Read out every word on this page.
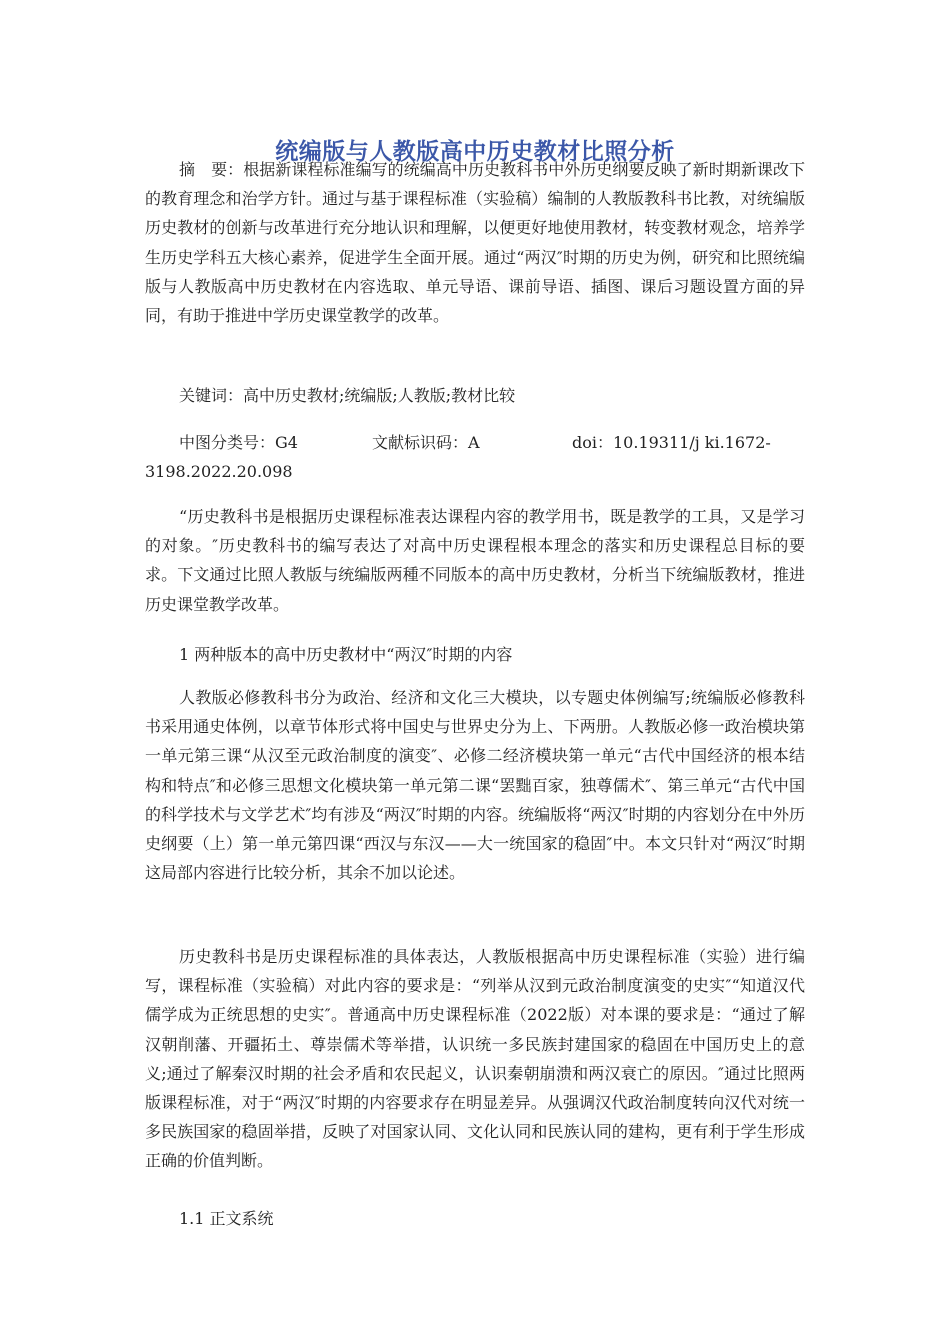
统编版与人教版高中历史教材比照分析

摘　要：根据新课程标准编写的统编高中历史教科书中外历史纲要反映了新时期新课改下的教育理念和治学方针。通过与基于课程标准（实验稿）编制的人教版教科书比教，对统编版历史教材的创新与改革进行充分地认识和理解，以便更好地使用教材，转变教材观念，培养学生历史学科五大核心素养，促进学生全面开展。通过“两汉″时期的历史为例，研究和比照统编版与人教版高中历史教材在内容选取、单元导语、课前导语、插图、课后习题设置方面的异同，有助于推进中学历史课堂教学的改革。

关键词：高中历史教材;统编版;人教版;教材比较

中图分类号：G4	文献标识码：A	doi：10.19311/j ki.1672-
3198.2022.20.098

“历史教科书是根据历史课程标准表达课程内容的教学用书，既是教学的工具，又是学习的对象。″历史教科书的编写表达了对高中历史课程根本理念的落实和历史课程总目标的要求。下文通过比照人教版与统编版两種不同版本的高中历史教材，分析当下统编版教材，推进历史课堂教学改革。

1 两种版本的高中历史教材中“两汉″时期的内容

人教版必修教科书分为政治、经济和文化三大模块，以专题史体例编写;统编版必修教科书采用通史体例，以章节体形式将中国史与世界史分为上、下两册。人教版必修一政治模块第一单元第三课“从汉至元政治制度的演变″、必修二经济模块第一单元“古代中国经济的根本结构和特点″和必修三思想文化模块第一单元第二课“罢黜百家，独尊儒术″、第三单元“古代中国的科学技术与文学艺术″均有涉及“两汉″时期的内容。统编版将“两汉″时期的内容划分在中外历史纲要（上）第一单元第四课“西汉与东汉——大一统国家的稳固″中。本文只针对“两汉″时期这局部内容进行比较分析，其余不加以论述。

历史教科书是历史课程标准的具体表达，人教版根据高中历史课程标准（实验）进行编写，课程标准（实验稿）对此内容的要求是：“列举从汉到元政治制度演变的史实″“知道汉代儒学成为正统思想的史实″。普通高中历史课程标准（2022版）对本课的要求是：“通过了解汉朝削藩、开疆拓土、尊崇儒术等举措，认识统一多民族封建国家的稳固在中国历史上的意义;通过了解秦汉时期的社会矛盾和农民起义，认识秦朝崩溃和两汉衰亡的原因。″通过比照两版课程标准，对于“两汉″时期的内容要求存在明显差异。从强调汉代政治制度转向汉代对统一多民族国家的稳固举措，反映了对国家认同、文化认同和民族认同的建构，更有利于学生形成正确的价值判断。

1.1 正文系统
